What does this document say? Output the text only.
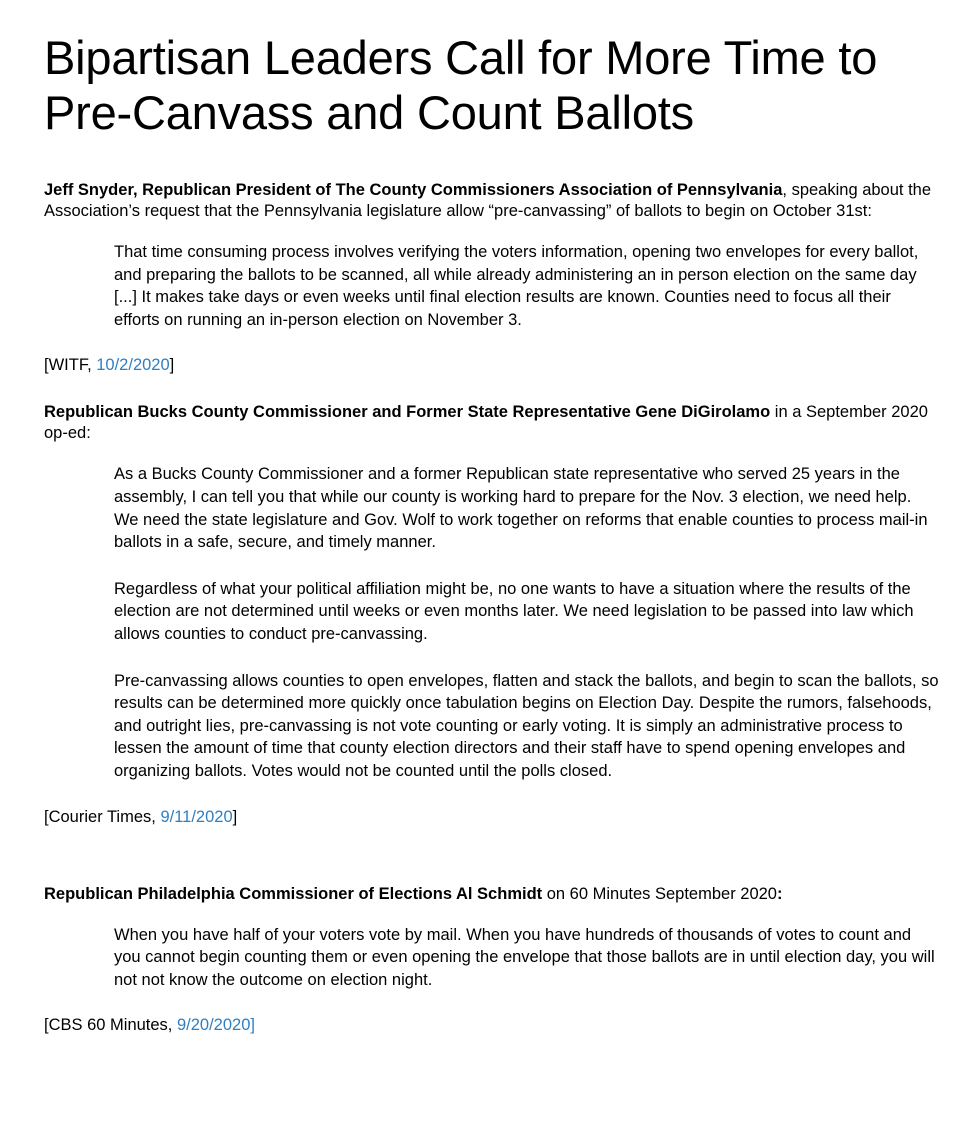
Bipartisan Leaders Call for More Time to Pre-Canvass and Count Ballots

Jeff Snyder, Republican President of The County Commissioners Association of Pennsylvania, speaking about the Association’s request that the Pennsylvania legislature allow “pre-canvassing” of ballots to begin on October 31st:

That time consuming process involves verifying the voters information, opening two envelopes for every ballot, and preparing the ballots to be scanned, all while already administering an in person election on the same day [...] It makes take days or even weeks until final election results are known. Counties need to focus all their efforts on running an in-person election on November 3.

[WITF, 10/2/2020]

Republican Bucks County Commissioner and Former State Representative Gene DiGirolamo in a September 2020 op-ed:

As a Bucks County Commissioner and a former Republican state representative who served 25 years in the assembly, I can tell you that while our county is working hard to prepare for the Nov. 3 election, we need help. We need the state legislature and Gov. Wolf to work together on reforms that enable counties to process mail-in ballots in a safe, secure, and timely manner.

Regardless of what your political affiliation might be, no one wants to have a situation where the results of the election are not determined until weeks or even months later. We need legislation to be passed into law which allows counties to conduct pre-canvassing.

Pre-canvassing allows counties to open envelopes, flatten and stack the ballots, and begin to scan the ballots, so results can be determined more quickly once tabulation begins on Election Day. Despite the rumors, falsehoods, and outright lies, pre-canvassing is not vote counting or early voting. It is simply an administrative process to lessen the amount of time that county election directors and their staff have to spend opening envelopes and organizing ballots. Votes would not be counted until the polls closed.

[Courier Times, 9/11/2020]

Republican Philadelphia Commissioner of Elections Al Schmidt on 60 Minutes September 2020:

When you have half of your voters vote by mail. When you have hundreds of thousands of votes to count and you cannot begin counting them or even opening the envelope that those ballots are in until election day, you will not not know the outcome on election night.

[CBS 60 Minutes, 9/20/2020]
